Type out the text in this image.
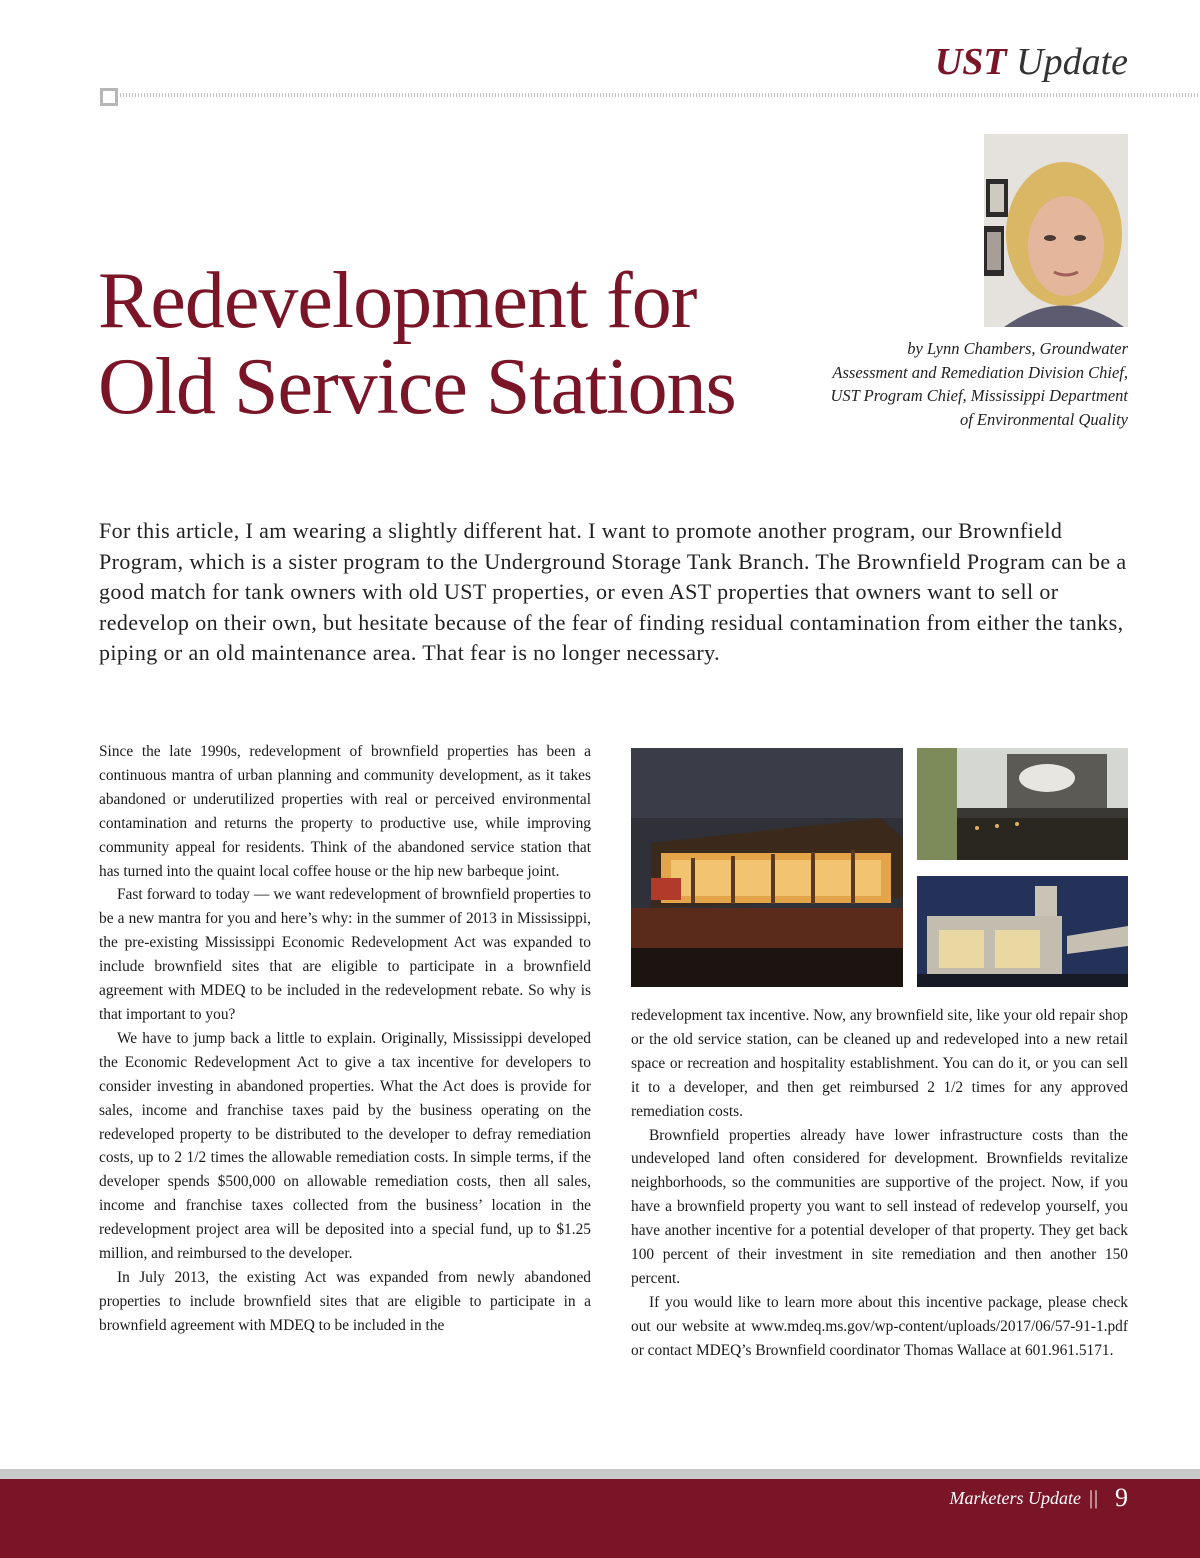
UST Update
by Lynn Chambers, Groundwater
Assessment and Remediation Division Chief,
UST Program Chief, Mississippi Department
of Environmental Quality
Redevelopment for
Old Service Stations

For this article, I am wearing a slightly different hat. I want to promote another program, our Brownfield Program, which is a sister program to the Underground Storage Tank Branch. The Brownfield Program can be a good match for tank owners with old UST properties, or even AST properties that owners want to sell or redevelop on their own, but hesitate because of the fear of finding residual contamination from either the tanks, piping or an old maintenance area. That fear is no longer necessary.

Since the late 1990s, redevelopment of brownfield properties has been a continuous mantra of urban planning and community development, as it takes abandoned or underutilized properties with real or perceived environmental contamination and returns the property to productive use, while improving community appeal for residents. Think of the abandoned service station that has turned into the quaint local coffee house or the hip new barbeque joint.

Fast forward to today — we want redevelopment of brownfield properties to be a new mantra for you and here’s why: in the summer of 2013 in Mississippi, the pre-existing Mississippi Economic Redevelopment Act was expanded to include brownfield sites that are eligible to participate in a brownfield agreement with MDEQ to be included in the redevelopment rebate. So why is that important to you?

We have to jump back a little to explain. Originally, Mississippi developed the Economic Redevelopment Act to give a tax incentive for developers to consider investing in abandoned properties. What the Act does is provide for sales, income and franchise taxes paid by the business operating on the redeveloped property to be distributed to the developer to defray remediation costs, up to 2 1/2 times the allowable remediation costs. In simple terms, if the developer spends $500,000 on allowable remediation costs, then all sales, income and franchise taxes collected from the business’ location in the redevelopment project area will be deposited into a special fund, up to $1.25 million, and reimbursed to the developer.

In July 2013, the existing Act was expanded from newly abandoned properties to include brownfield sites that are eligible to participate in a brownfield agreement with MDEQ to be included in the

redevelopment tax incentive. Now, any brownfield site, like your old repair shop or the old service station, can be cleaned up and redeveloped into a new retail space or recreation and hospitality establishment. You can do it, or you can sell it to a developer, and then get reimbursed 2 1/2 times for any approved remediation costs.

Brownfield properties already have lower infrastructure costs than the undeveloped land often considered for development. Brownfields revitalize neighborhoods, so the communities are supportive of the project. Now, if you have a brownfield property you want to sell instead of redevelop yourself, you have another incentive for a potential developer of that property. They get back 100 percent of their investment in site remediation and then another 150 percent.

If you would like to learn more about this incentive package, please check out our website at www.mdeq.ms.gov/wp-content/uploads/2017/06/57-91-1.pdf or contact MDEQ’s Brownfield coordinator Thomas Wallace at 601.961.5171.

Marketers Update || 9
